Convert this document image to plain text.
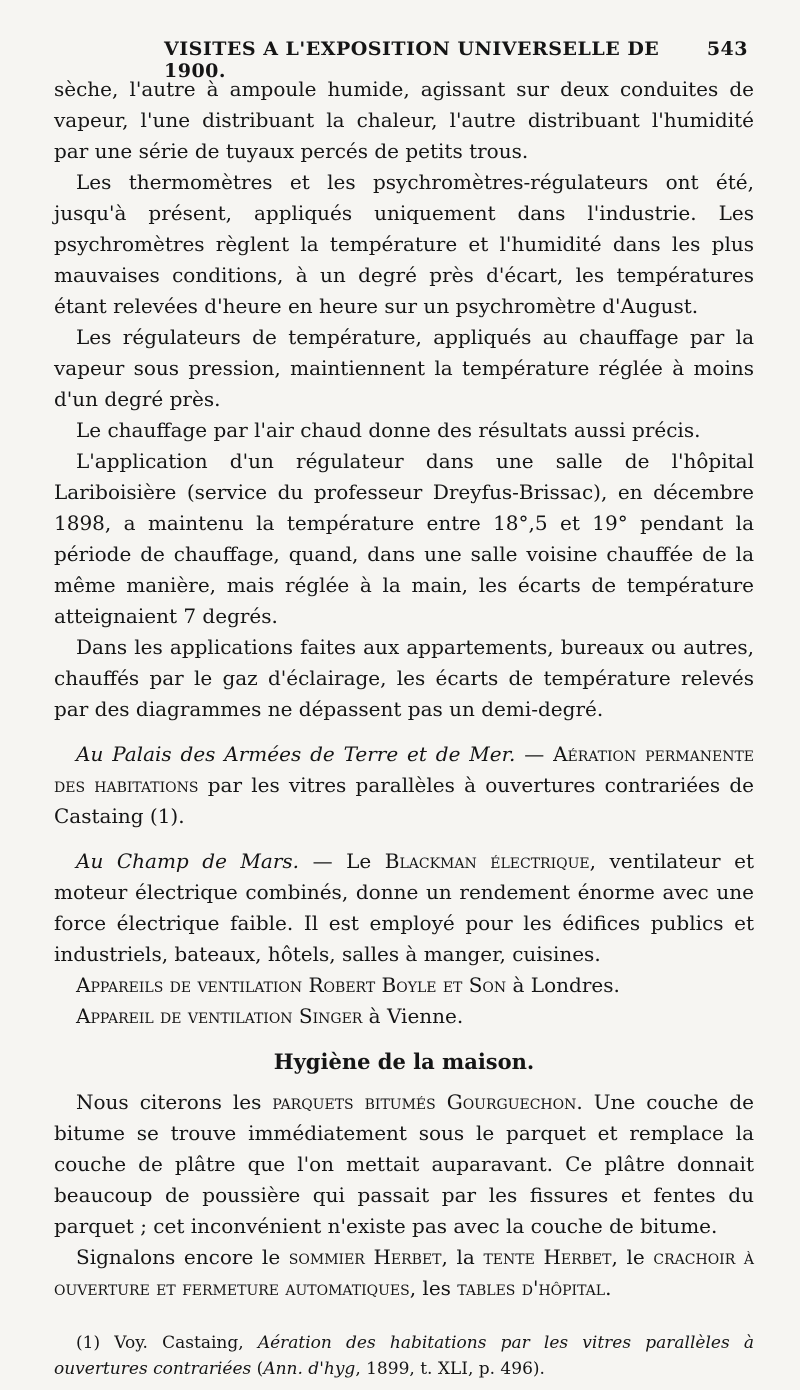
VISITES A L'EXPOSITION UNIVERSELLE DE 1900.
543

sèche, l'autre à ampoule humide, agissant sur deux conduites de vapeur, l'une distribuant la chaleur, l'autre distribuant l'humidité par une série de tuyaux percés de petits trous.

Les thermomètres et les psychromètres-régulateurs ont été, jusqu'à présent, appliqués uniquement dans l'industrie. Les psychromètres règlent la température et l'humidité dans les plus mauvaises conditions, à un degré près d'écart, les températures étant relevées d'heure en heure sur un psychromètre d'August.

Les régulateurs de température, appliqués au chauffage par la vapeur sous pression, maintiennent la température réglée à moins d'un degré près.

Le chauffage par l'air chaud donne des résultats aussi précis.

L'application d'un régulateur dans une salle de l'hôpital Lariboisière (service du professeur Dreyfus-Brissac), en décembre 1898, a maintenu la température entre 18°,5 et 19° pendant la période de chauffage, quand, dans une salle voisine chauffée de la même manière, mais réglée à la main, les écarts de température atteignaient 7 degrés.

Dans les applications faites aux appartements, bureaux ou autres, chauffés par le gaz d'éclairage, les écarts de température relevés par des diagrammes ne dépassent pas un demi-degré.

Au Palais des Armées de Terre et de Mer. — Aération permanente des habitations par les vitres parallèles à ouvertures contrariées de Castaing (1).

Au Champ de Mars. — Le Blackman électrique, ventilateur et moteur électrique combinés, donne un rendement énorme avec une force électrique faible. Il est employé pour les édifices publics et industriels, bateaux, hôtels, salles à manger, cuisines.

Appareils de ventilation Robert Boyle et Son à Londres.

Appareil de ventilation Singer à Vienne.

Hygiène de la maison.

Nous citerons les parquets bitumés Gourguechon. Une couche de bitume se trouve immédiatement sous le parquet et remplace la couche de plâtre que l'on mettait auparavant. Ce plâtre donnait beaucoup de poussière qui passait par les fissures et fentes du parquet ; cet inconvénient n'existe pas avec la couche de bitume.

Signalons encore le sommier Herbet, la tente Herbet, le crachoir à ouverture et fermeture automatiques, les tables d'hôpital.

(1) Voy. Castaing, Aération des habitations par les vitres parallèles à ouvertures contrariées (Ann. d'hyg, 1899, t. XLI, p. 496).
